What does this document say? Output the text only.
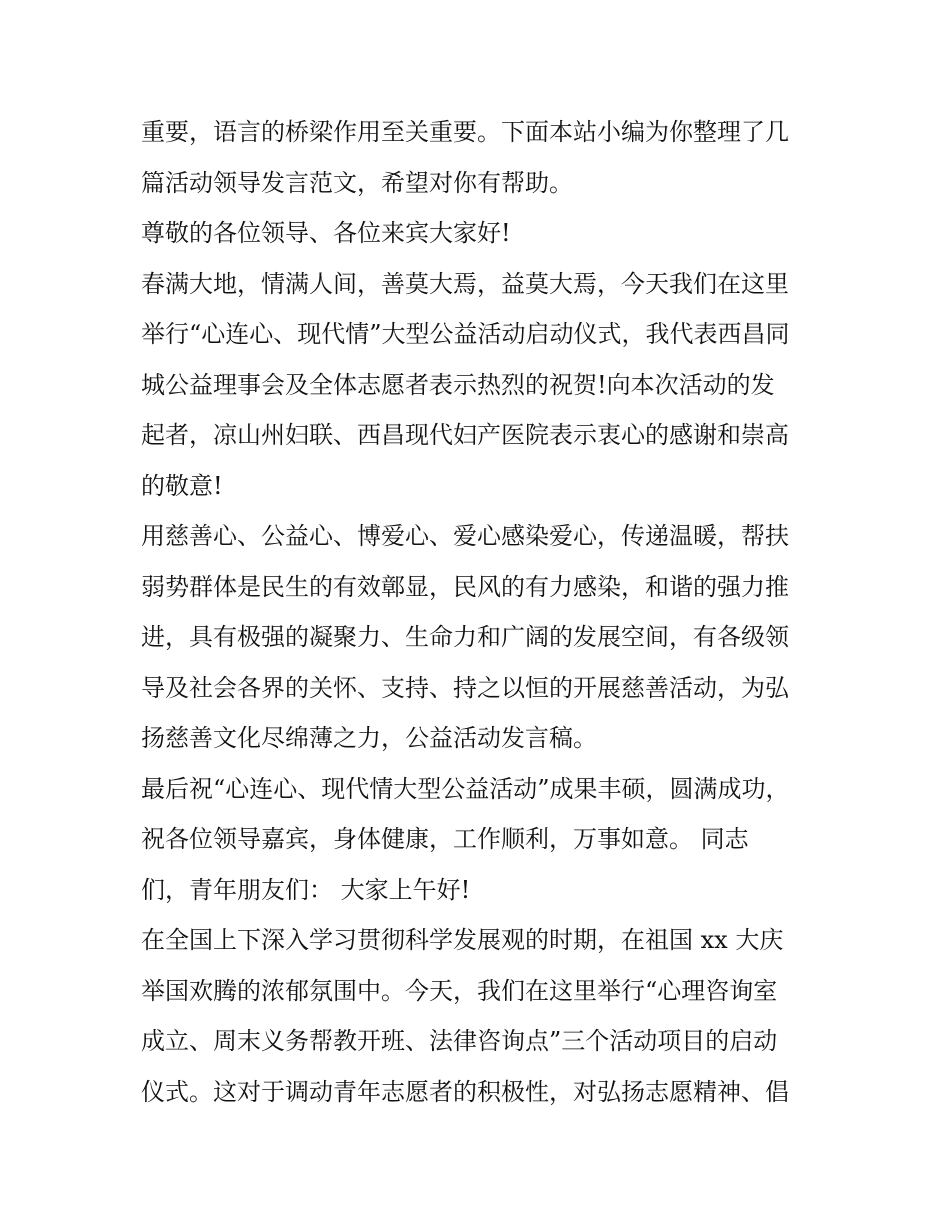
重要，语言的桥梁作用至关重要。下面本站小编为你整理了几
篇活动领导发言范文，希望对你有帮助。
尊敬的各位领导、各位来宾大家好!
春满大地，情满人间，善莫大焉，益莫大焉，今天我们在这里
举行“心连心、现代情”大型公益活动启动仪式，我代表西昌同
城公益理事会及全体志愿者表示热烈的祝贺!向本次活动的发
起者，凉山州妇联、西昌现代妇产医院表示衷心的感谢和崇高
的敬意!
用慈善心、公益心、博爱心、爱心感染爱心，传递温暖，帮扶
弱势群体是民生的有效鄣显，民风的有力感染，和谐的强力推
进，具有极强的凝聚力、生命力和广阔的发展空间，有各级领
导及社会各界的关怀、支持、持之以恒的开展慈善活动，为弘
扬慈善文化尽绵薄之力，公益活动发言稿。
最后祝“心连心、现代情大型公益活动”成果丰硕，圆满成功，
祝各位领导嘉宾，身体健康，工作顺利，万事如意。 同志
们，青年朋友们： 大家上午好!
在全国上下深入学习贯彻科学发展观的时期，在祖国 xx 大庆
举国欢腾的浓郁氛围中。今天，我们在这里举行“心理咨询室
成立、周末义务帮教开班、法律咨询点”三个活动项目的启动
仪式。这对于调动青年志愿者的积极性，对弘扬志愿精神、倡
